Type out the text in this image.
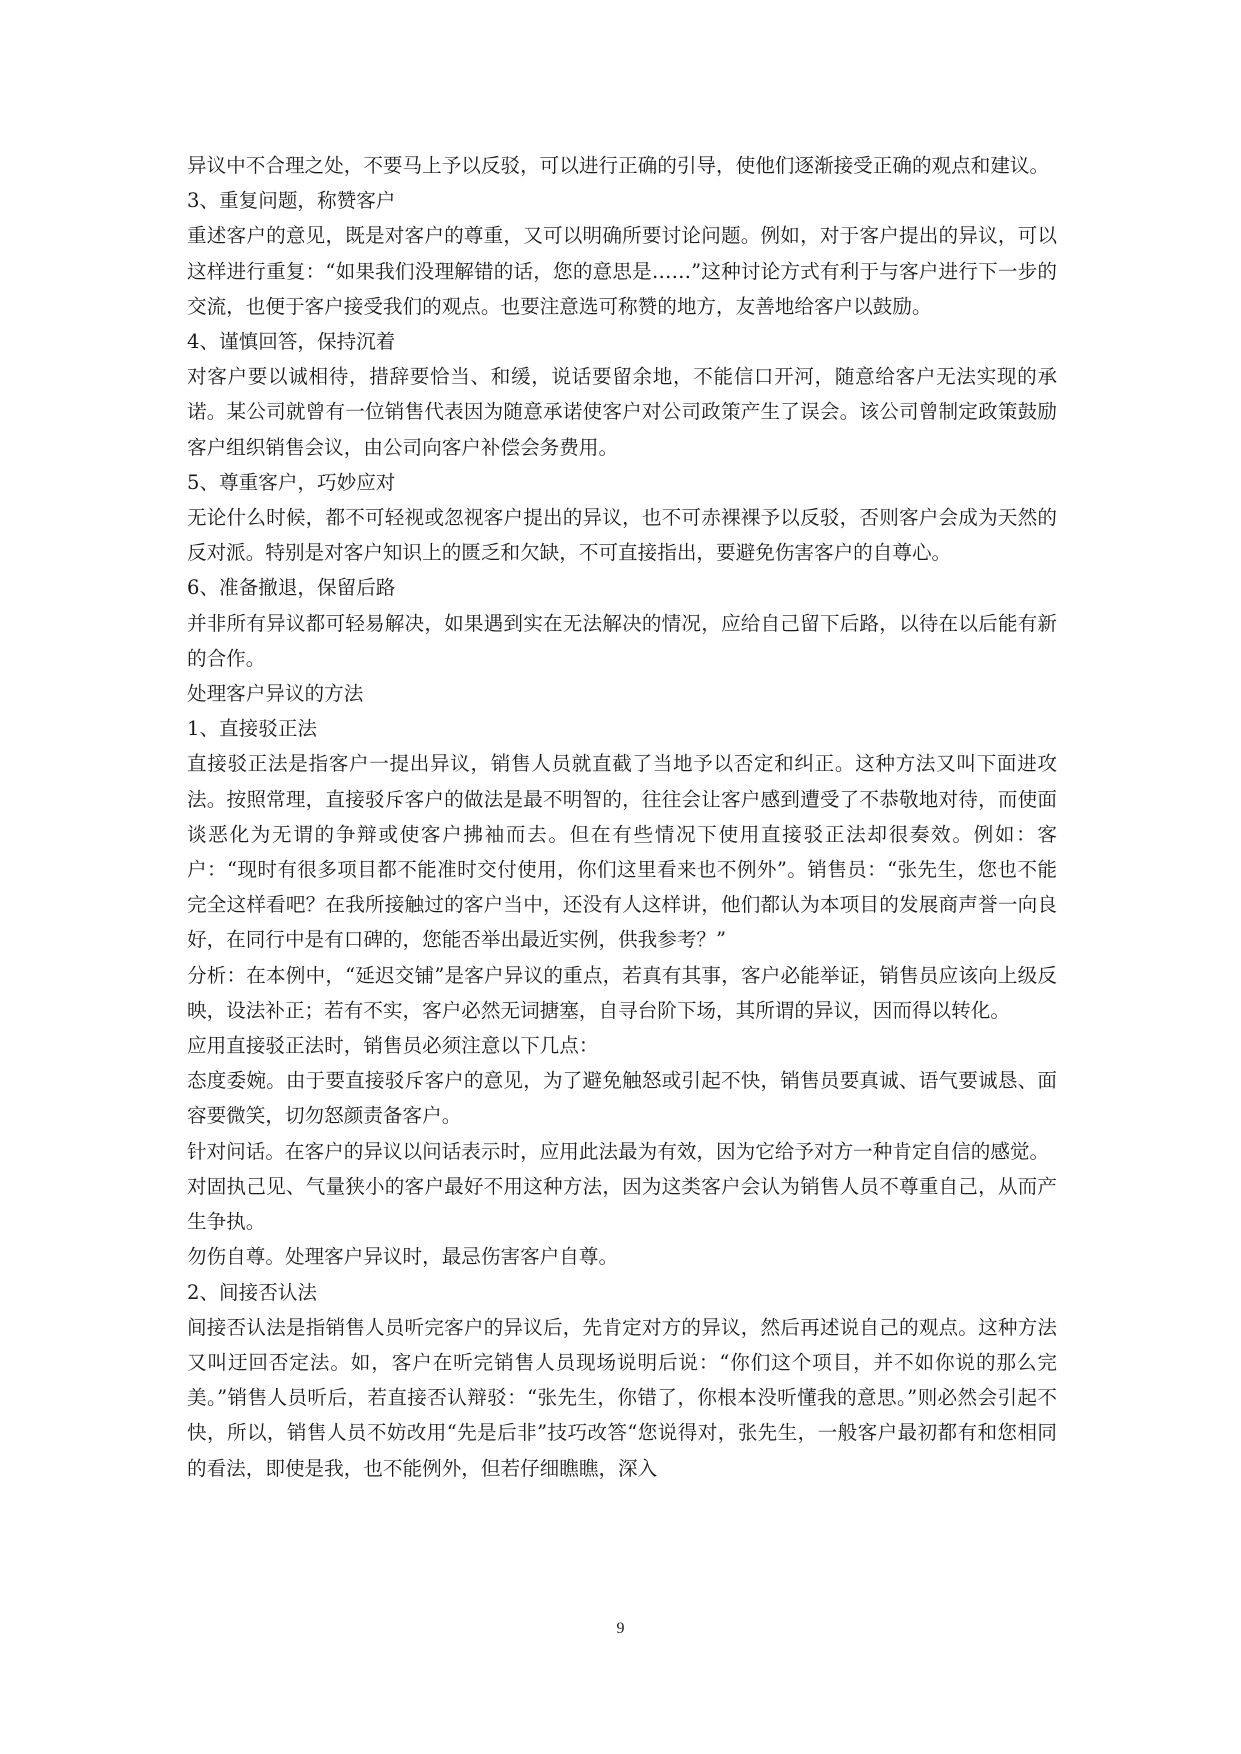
异议中不合理之处，不要马上予以反驳，可以进行正确的引导，使他们逐渐接受正确的观点和建议。

3、重复问题，称赞客户

重述客户的意见，既是对客户的尊重，又可以明确所要讨论问题。例如，对于客户提出的异议，可以这样进行重复：“如果我们没理解错的话，您的意思是……”这种讨论方式有利于与客户进行下一步的交流，也便于客户接受我们的观点。也要注意选可称赞的地方，友善地给客户以鼓励。

4、谨慎回答，保持沉着

对客户要以诚相待，措辞要恰当、和缓，说话要留余地，不能信口开河，随意给客户无法实现的承诺。某公司就曾有一位销售代表因为随意承诺使客户对公司政策产生了误会。该公司曾制定政策鼓励客户组织销售会议，由公司向客户补偿会务费用。

5、尊重客户，巧妙应对

无论什么时候，都不可轻视或忽视客户提出的异议，也不可赤裸裸予以反驳，否则客户会成为天然的反对派。特别是对客户知识上的匮乏和欠缺，不可直接指出，要避免伤害客户的自尊心。

6、准备撤退，保留后路

并非所有异议都可轻易解决，如果遇到实在无法解决的情况，应给自己留下后路，以待在以后能有新的合作。

处理客户异议的方法

1、直接驳正法

直接驳正法是指客户一提出异议，销售人员就直截了当地予以否定和纠正。这种方法又叫下面进攻法。按照常理，直接驳斥客户的做法是最不明智的，往往会让客户感到遭受了不恭敬地对待，而使面谈恶化为无谓的争辩或使客户拂袖而去。但在有些情况下使用直接驳正法却很奏效。例如：客户：“现时有很多项目都不能准时交付使用，你们这里看来也不例外”。销售员：“张先生，您也不能完全这样看吧？在我所接触过的客户当中，还没有人这样讲，他们都认为本项目的发展商声誉一向良好，在同行中是有口碑的，您能否举出最近实例，供我参考？”

分析：在本例中，“延迟交铺”是客户异议的重点，若真有其事，客户必能举证，销售员应该向上级反映，设法补正；若有不实，客户必然无词搪塞，自寻台阶下场，其所谓的异议，因而得以转化。

应用直接驳正法时，销售员必须注意以下几点：

态度委婉。由于要直接驳斥客户的意见，为了避免触怒或引起不快，销售员要真诚、语气要诚恳、面容要微笑，切勿怒颜责备客户。

针对问话。在客户的异议以问话表示时，应用此法最为有效，因为它给予对方一种肯定自信的感觉。

对固执己见、气量狭小的客户最好不用这种方法，因为这类客户会认为销售人员不尊重自己，从而产生争执。

勿伤自尊。处理客户异议时，最忌伤害客户自尊。

2、间接否认法

间接否认法是指销售人员听完客户的异议后，先肯定对方的异议，然后再述说自己的观点。这种方法又叫迂回否定法。如，客户在听完销售人员现场说明后说：“你们这个项目，并不如你说的那么完美。”销售人员听后，若直接否认辩驳：“张先生，你错了，你根本没听懂我的意思。”则必然会引起不快，所以，销售人员不妨改用“先是后非”技巧改答“您说得对，张先生，一般客户最初都有和您相同的看法，即使是我，也不能例外，但若仔细瞧瞧，深入

9
